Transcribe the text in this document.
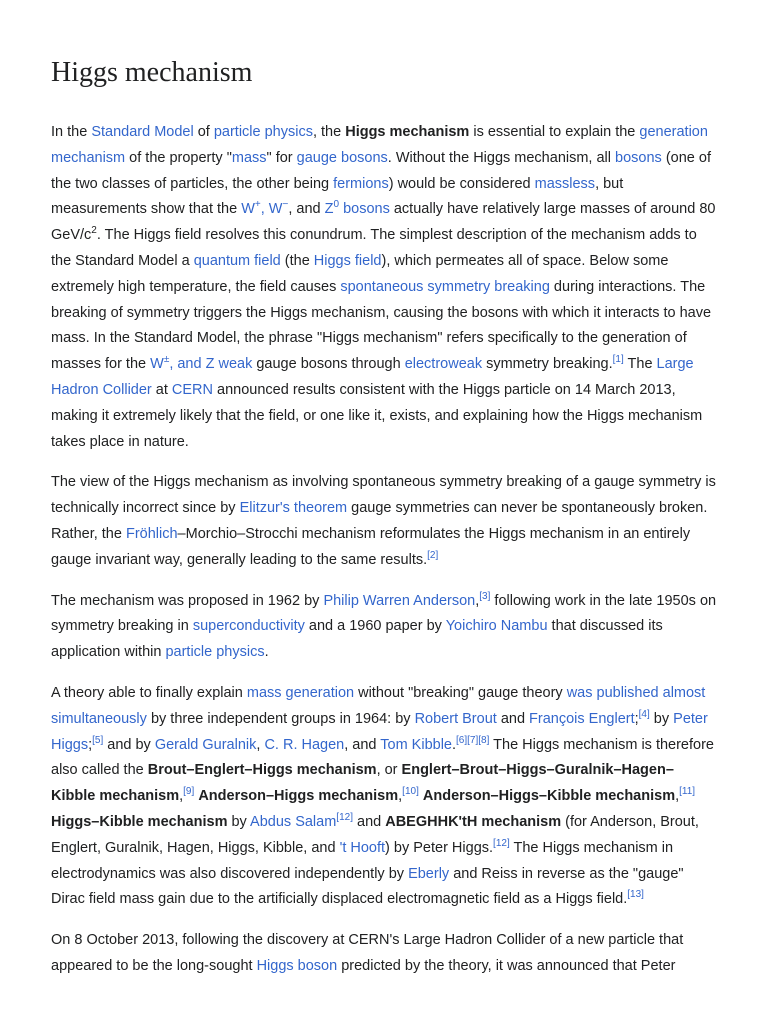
Higgs mechanism

In the Standard Model of particle physics, the Higgs mechanism is essential to explain the generation mechanism of the property "mass" for gauge bosons. Without the Higgs mechanism, all bosons (one of the two classes of particles, the other being fermions) would be considered massless, but measurements show that the W+, W−, and $Z^0$ bosons actually have relatively large masses of around 80 GeV/$c^2$. The Higgs field resolves this conundrum. The simplest description of the mechanism adds to the Standard Model a quantum field (the Higgs field), which permeates all of space. Below some extremely high temperature, the field causes spontaneous symmetry breaking during interactions. The breaking of symmetry triggers the Higgs mechanism, causing the bosons with which it interacts to have mass. In the Standard Model, the phrase "Higgs mechanism" refers specifically to the generation of masses for the W±, and Z weak gauge bosons through electroweak symmetry breaking.[1] The Large Hadron Collider at CERN announced results consistent with the Higgs particle on 14 March 2013, making it extremely likely that the field, or one like it, exists, and explaining how the Higgs mechanism takes place in nature.

The view of the Higgs mechanism as involving spontaneous symmetry breaking of a gauge symmetry is technically incorrect since by Elitzur's theorem gauge symmetries can never be spontaneously broken. Rather, the Fröhlich–Morchio–Strocchi mechanism reformulates the Higgs mechanism in an entirely gauge invariant way, generally leading to the same results.[2]

The mechanism was proposed in 1962 by Philip Warren Anderson,[3] following work in the late 1950s on symmetry breaking in superconductivity and a 1960 paper by Yoichiro Nambu that discussed its application within particle physics.

A theory able to finally explain mass generation without "breaking" gauge theory was published almost simultaneously by three independent groups in 1964: by Robert Brout and François Englert;[4] by Peter Higgs;[5] and by Gerald Guralnik, C. R. Hagen, and Tom Kibble.[6][7][8] The Higgs mechanism is therefore also called the Brout–Englert–Higgs mechanism, or Englert–Brout–Higgs–Guralnik–Hagen–Kibble mechanism,[9] Anderson–Higgs mechanism,[10] Anderson–Higgs–Kibble mechanism,[11] Higgs–Kibble mechanism by Abdus Salam[12] and ABEGHHK'tH mechanism (for Anderson, Brout, Englert, Guralnik, Hagen, Higgs, Kibble, and 't Hooft) by Peter Higgs.[12] The Higgs mechanism in electrodynamics was also discovered independently by Eberly and Reiss in reverse as the "gauge" Dirac field mass gain due to the artificially displaced electromagnetic field as a Higgs field.[13]

On 8 October 2013, following the discovery at CERN's Large Hadron Collider of a new particle that appeared to be the long-sought Higgs boson predicted by the theory, it was announced that Peter
